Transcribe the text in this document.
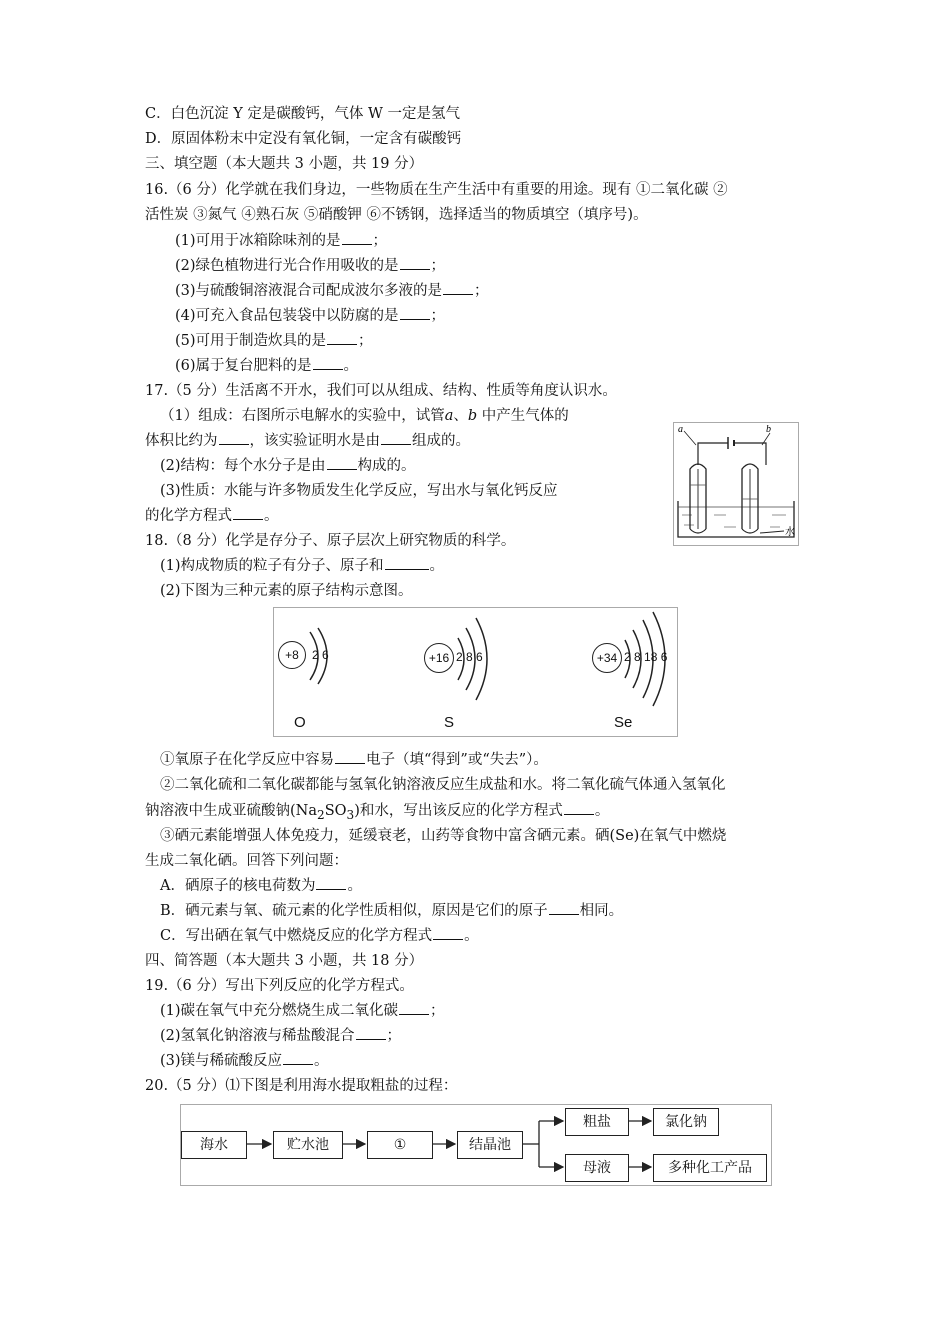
C．白色沉淀 Y 定是碳酸钙，气体 W 一定是氢气
D．原固体粉末中定没有氧化铜，一定含有碳酸钙
三、填空题（本大题共 3 小题，共 19 分）
16.（6 分）化学就在我们身边，一些物质在生产生活中有重要的用途。现有 ①二氧化碳 ②
活性炭 ③氮气 ④熟石灰 ⑤硝酸钾 ⑥不锈钢，选择适当的物质填空（填序号)。
(1)可用于冰箱除味剂的是 ；
(2)绿色植物进行光合作用吸收的是 ；
(3)与硫酸铜溶液混合司配成波尔多液的是 ；
(4)可充入食品包装袋中以防腐的是 ；
(5)可用于制造炊具的是 ；
(6)属于复台肥料的是 。
17.（5 分）生活离不开水，我们可以从组成、结构、性质等角度认识水。
（1）组成：右图所示电解水的实验中，试管a、b 中产生气体的
体积比约为 ，该实验证明水是由 组成的。
(2)结构：每个水分子是由 构成的。
(3)性质：水能与许多物质发生化学反应，写出水与氧化钙反应
的化学方程式 。
18.（8 分）化学是存分子、原子层次上研究物质的科学。
(1)构成物质的粒子有分子、原子和	。
(2)下图为三种元素的原子结构示意图。
①氧原子在化学反应中容易 电子（填“得到”或“失去”）。
②二氧化硫和二氧化碳都能与氢氧化钠溶液反应生成盐和水。将二氧化硫气体通入氢氧化
钠溶液中生成亚硫酸钠$(Na_2SO_3)$和水，写出该反应的化学方程式 。
③硒元素能增强人体免疫力，延缓衰老，山药等食物中富含硒元素。硒(Se)在氧气中燃烧
生成二氧化硒。回答下列问题：
A．硒原子的核电荷数为 。
B．硒元素与氧、硫元素的化学性质相似，原因是它们的原子 相同。
C．写出硒在氧气中燃烧反应的化学方程式 。
四、简答题（本大题共 3 小题，共 18 分）
19.（6 分）写出下列反应的化学方程式。
(1)碳在氧气中充分燃烧生成二氧化碳 ；
(2)氢氧化钠溶液与稀盐酸混合 ；
(3)镁与稀硫酸反应 。
20.（5 分）⑴下图是利用海水提取粗盐的过程：
a	b
水
+8	2 6
O
+16 2 8 6
S
+34 2 8 18 6
Se
海水	贮水池	①	结晶池
粗盐	氯化钠
母液	多种化工产品
